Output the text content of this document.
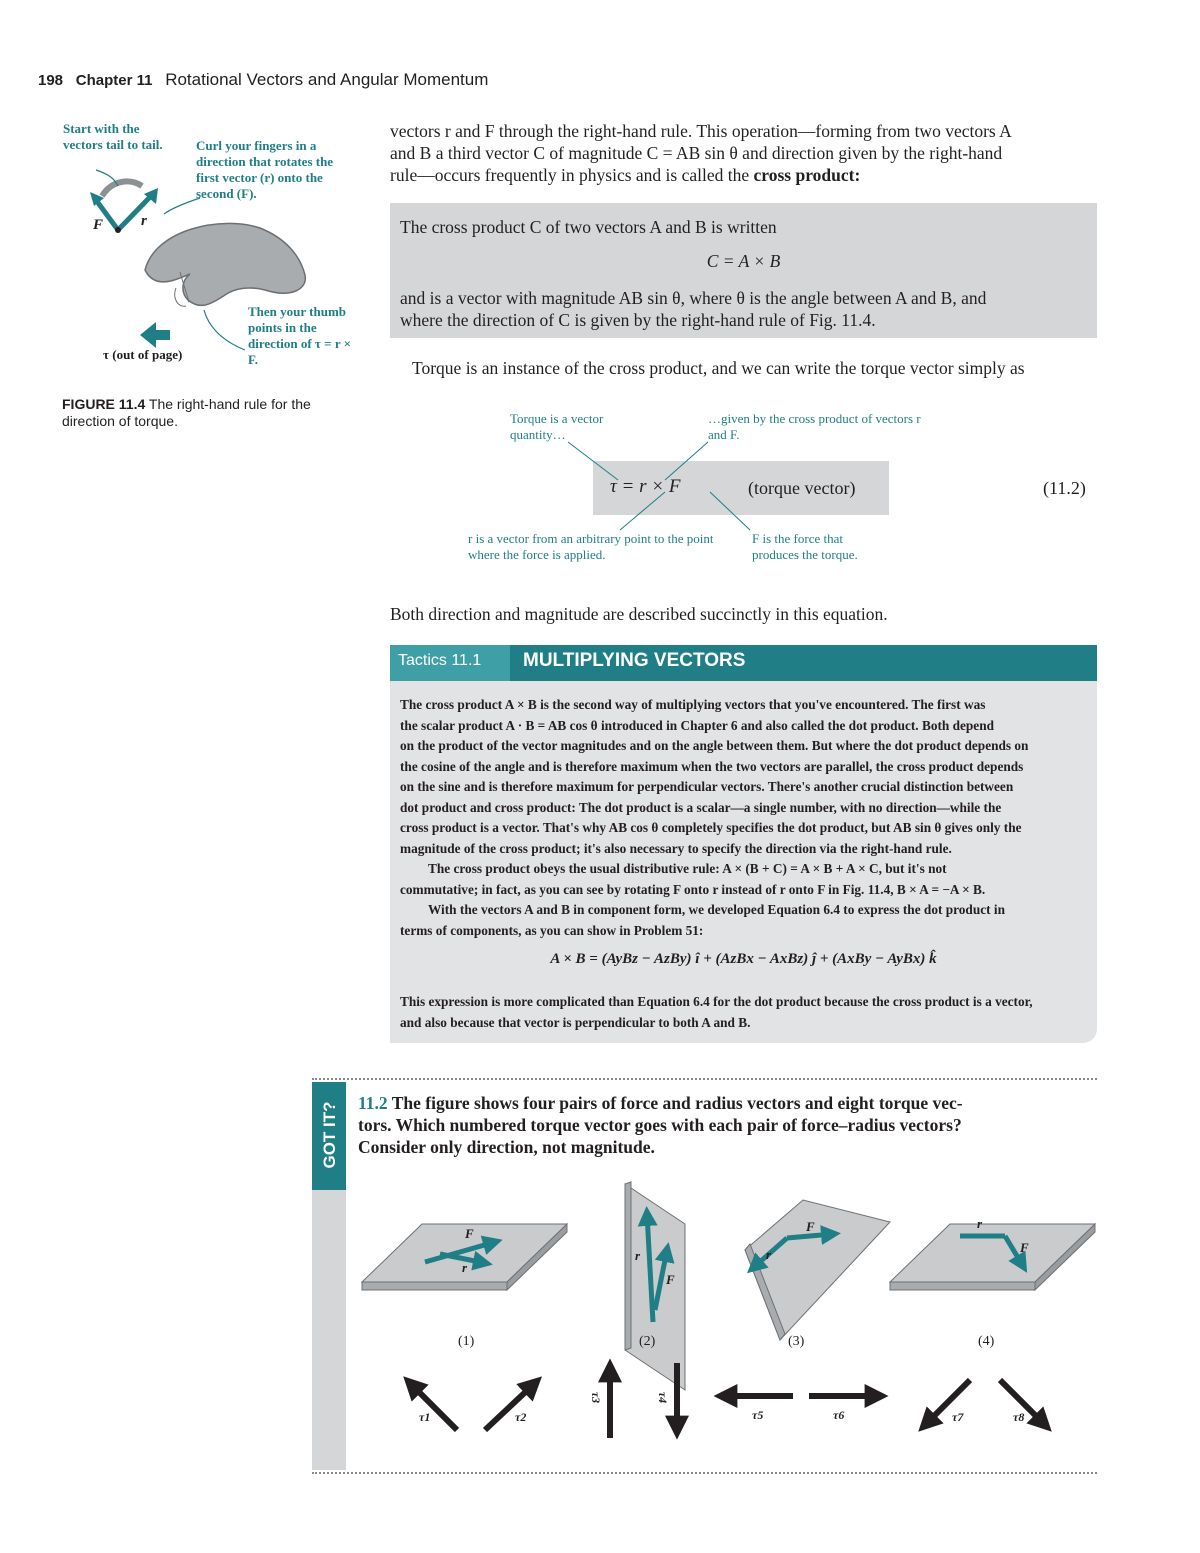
198 Chapter 11 Rotational Vectors and Angular Momentum
Start with the vectors tail to tail.	Curl your fingers in a direction that rotates the first vector (r) onto the second (F).
Then your thumb points in the direction of τ = r × F.
F	r
τ (out of page)
FIGURE 11.4 The right-hand rule for the direction of torque.
vectors r and F through the right-hand rule. This operation—forming from two vectors A
and B a third vector C of magnitude C = AB sin θ and direction given by the right-hand
rule—occurs frequently in physics and is called the cross product:
The cross product C of two vectors A and B is written
C = A × B
and is a vector with magnitude AB sin θ, where θ is the angle between A and B, and
where the direction of C is given by the right-hand rule of Fig. 11.4.
Torque is an instance of the cross product, and we can write the torque vector simply as
Torque is a vector quantity…
…given by the cross product of vectors r and F.
τ = r × F	(torque vector)	(11.2)
r is a vector from an arbitrary point to the point where the force is applied.
F is the force that produces the torque.
Both direction and magnitude are described succinctly in this equation.
Tactics 11.1 MULTIPLYING VECTORS
The cross product A × B is the second way of multiplying vectors that you've encountered. The first was
the scalar product A · B = AB cos θ introduced in Chapter 6 and also called the dot product. Both depend
on the product of the vector magnitudes and on the angle between them. But where the dot product depends on
the cosine of the angle and is therefore maximum when the two vectors are parallel, the cross product depends
on the sine and is therefore maximum for perpendicular vectors. There's another crucial distinction between
dot product and cross product: The dot product is a scalar—a single number, with no direction—while the
cross product is a vector. That's why AB cos θ completely specifies the dot product, but AB sin θ gives only the
magnitude of the cross product; it's also necessary to specify the direction via the right-hand rule.
The cross product obeys the usual distributive rule: A × (B + C) = A × B + A × C, but it's not
commutative; in fact, as you can see by rotating F onto r instead of r onto F in Fig. 11.4, B × A = −A × B.
With the vectors A and B in component form, we developed Equation 6.4 to express the dot product in
terms of components, as you can show in Problem 51:
A × B = (AyBz − AzBy) î + (AzBx − AxBz) ĵ + (AxBy − AyBx) k̂
This expression is more complicated than Equation 6.4 for the dot product because the cross product is a vector,
and also because that vector is perpendicular to both A and B.
GOT IT? 11.2 The figure shows four pairs of force and radius vectors and eight torque vec-
tors. Which numbered torque vector goes with each pair of force–radius vectors?
Consider only direction, not magnitude.
F
r
r
F
F
r
r
F
(1)	(2)	(3)	(4)
τ1	τ2
τ3	τ4
τ5	τ6	τ7	τ8
